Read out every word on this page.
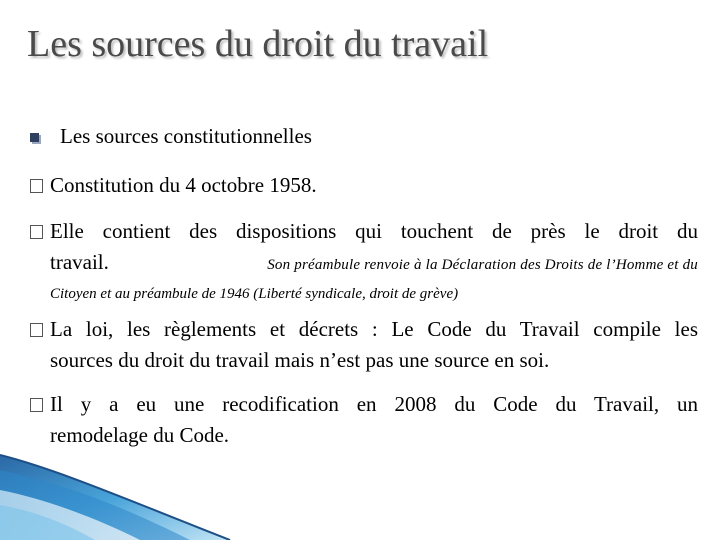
Les sources du droit du travail
Les sources constitutionnelles
Constitution du 4 octobre 1958.
Elle contient des dispositions qui touchent de près le droit du
travail.	Son préambule renvoie à la Déclaration des Droits de l’Homme et du
Citoyen et au préambule de 1946 (Liberté syndicale, droit de grève)
La loi, les règlements et décrets : Le Code du Travail compile les
sources du droit du travail mais n’est pas une source en soi.
Il y a eu une recodification en 2008 du Code du Travail, un
remodelage du Code.
